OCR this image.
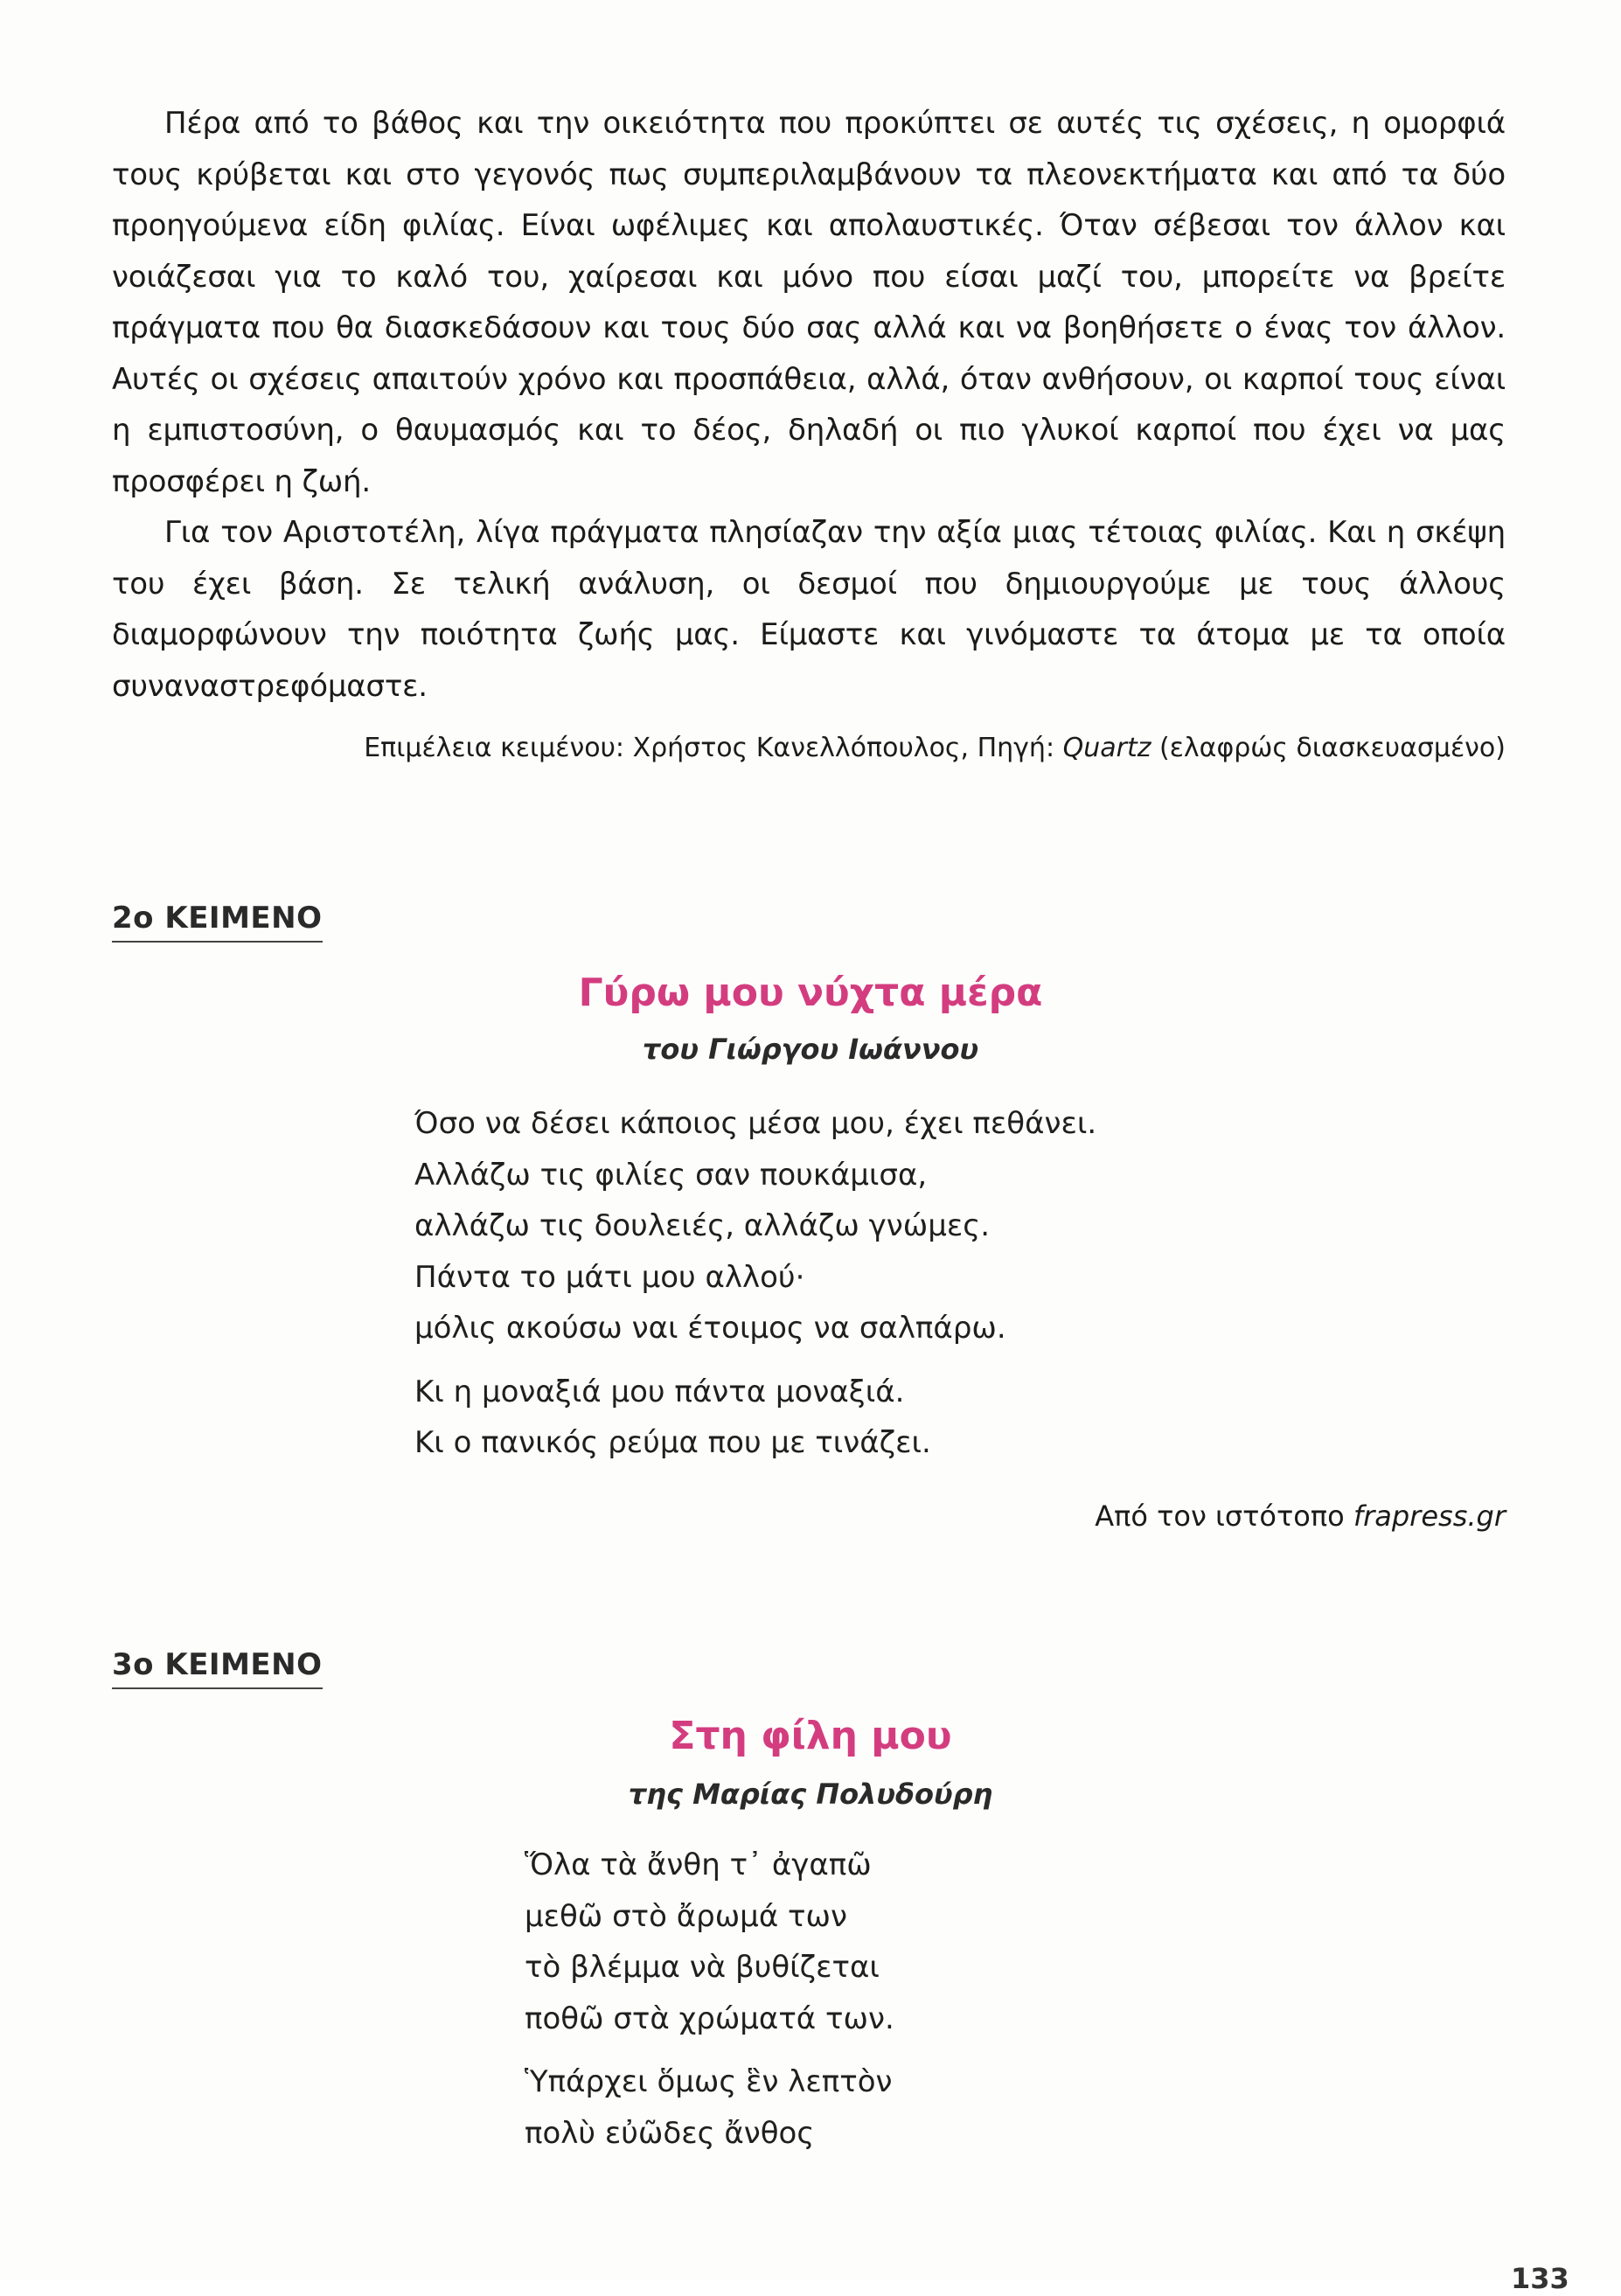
Πέρα από το βάθος και την οικειότητα που προκύπτει σε αυτές τις σχέσεις, η ομορφιά τους κρύβεται και στο γεγονός πως συμπεριλαμβάνουν τα πλεονεκτήματα και από τα δύο προηγούμενα είδη φιλίας. Είναι ωφέλιμες και απολαυστικές. Όταν σέβεσαι τον άλλον και νοιάζεσαι για το καλό του, χαίρεσαι και μόνο που είσαι μαζί του, μπορείτε να βρείτε πράγματα που θα διασκεδάσουν και τους δύο σας αλλά και να βοηθήσετε ο ένας τον άλλον. Αυτές οι σχέσεις απαιτούν χρόνο και προσπάθεια, αλλά, όταν ανθήσουν, οι καρποί τους είναι η εμπιστοσύνη, ο θαυμασμός και το δέος, δηλαδή οι πιο γλυκοί καρποί που έχει να μας προσφέρει η ζωή.

Για τον Αριστοτέλη, λίγα πράγματα πλησίαζαν την αξία μιας τέτοιας φιλίας. Και η σκέψη του έχει βάση. Σε τελική ανάλυση, οι δεσμοί που δημιουργούμε με τους άλλους διαμορφώνουν την ποιότητα ζωής μας. Είμαστε και γινόμαστε τα άτομα με τα οποία συναναστρεφόμαστε.

Επιμέλεια κειμένου: Χρήστος Κανελλόπουλος, Πηγή: Quartz (ελαφρώς διασκευασμένο)
2ο ΚΕΙΜΕΝΟ
Γύρω μου νύχτα μέρα
του Γιώργου Ιωάννου
Όσο να δέσει κάποιος μέσα μου, έχει πεθάνει.
Αλλάζω τις φιλίες σαν πουκάμισα,
αλλάζω τις δουλειές, αλλάζω γνώμες.
Πάντα το μάτι μου αλλού·
μόλις ακούσω ναι έτοιμος να σαλπάρω.
Κι η μοναξιά μου πάντα μοναξιά.
Κι ο πανικός ρεύμα που με τινάζει.
Από τον ιστότοπο frapress.gr
3ο ΚΕΙΜΕΝΟ
Στη φίλη μου
της Μαρίας Πολυδούρη
Ὅλα τὰ ἄνθη τ᾽ ἀγαπῶ
μεθῶ στὸ ἄρωμά των
τὸ βλέμμα νὰ βυθίζεται
ποθῶ στὰ χρώματά των.
Ὑπάρχει ὅμως ἓν λεπτὸν
πολὺ εὐῶδες ἄνθος
133
